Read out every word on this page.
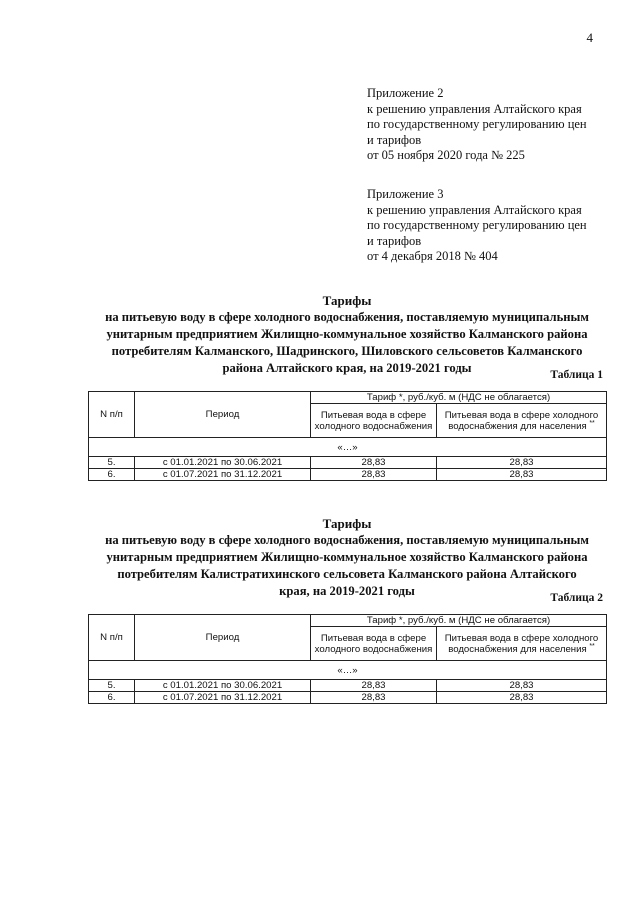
4
Приложение 2
к решению управления Алтайского края
по государственному регулированию цен
и тарифов
от 05 ноября 2020 года № 225
Приложение 3
к решению управления Алтайского края
по государственному регулированию цен
и тарифов
от 4 декабря 2018 № 404
Тарифы
на питьевую воду в сфере холодного водоснабжения, поставляемую муниципальным
унитарным предприятием Жилищно-коммунальное хозяйство Калманского района
потребителям Калманского, Шадринского, Шиловского сельсоветов Калманского
района Алтайского края, на 2019-2021 годы	Таблица 1
N п/п	Период	Тариф *, руб./куб. м (НДС не облагается)	
		Питьевая вода в сфере холодного водоснабжения	Питьевая вода в сфере холодного водоснабжения для населения **
«…»			
5.	с 01.01.2021 по 30.06.2021	28,83	28,83
6.	с 01.07.2021 по 31.12.2021	28,83	28,83
Тарифы
на питьевую воду в сфере холодного водоснабжения, поставляемую муниципальным
унитарным предприятием Жилищно-коммунальное хозяйство Калманского района
потребителям Калистратихинского сельсовета Калманского района Алтайского
края, на 2019-2021 годы	Таблица 2
N п/п	Период	Тариф *, руб./куб. м (НДС не облагается)	
		Питьевая вода в сфере холодного водоснабжения	Питьевая вода в сфере холодного водоснабжения для населения **
«…»			
5.	с 01.01.2021 по 30.06.2021	28,83	28,83
6.	с 01.07.2021 по 31.12.2021	28,83	28,83
